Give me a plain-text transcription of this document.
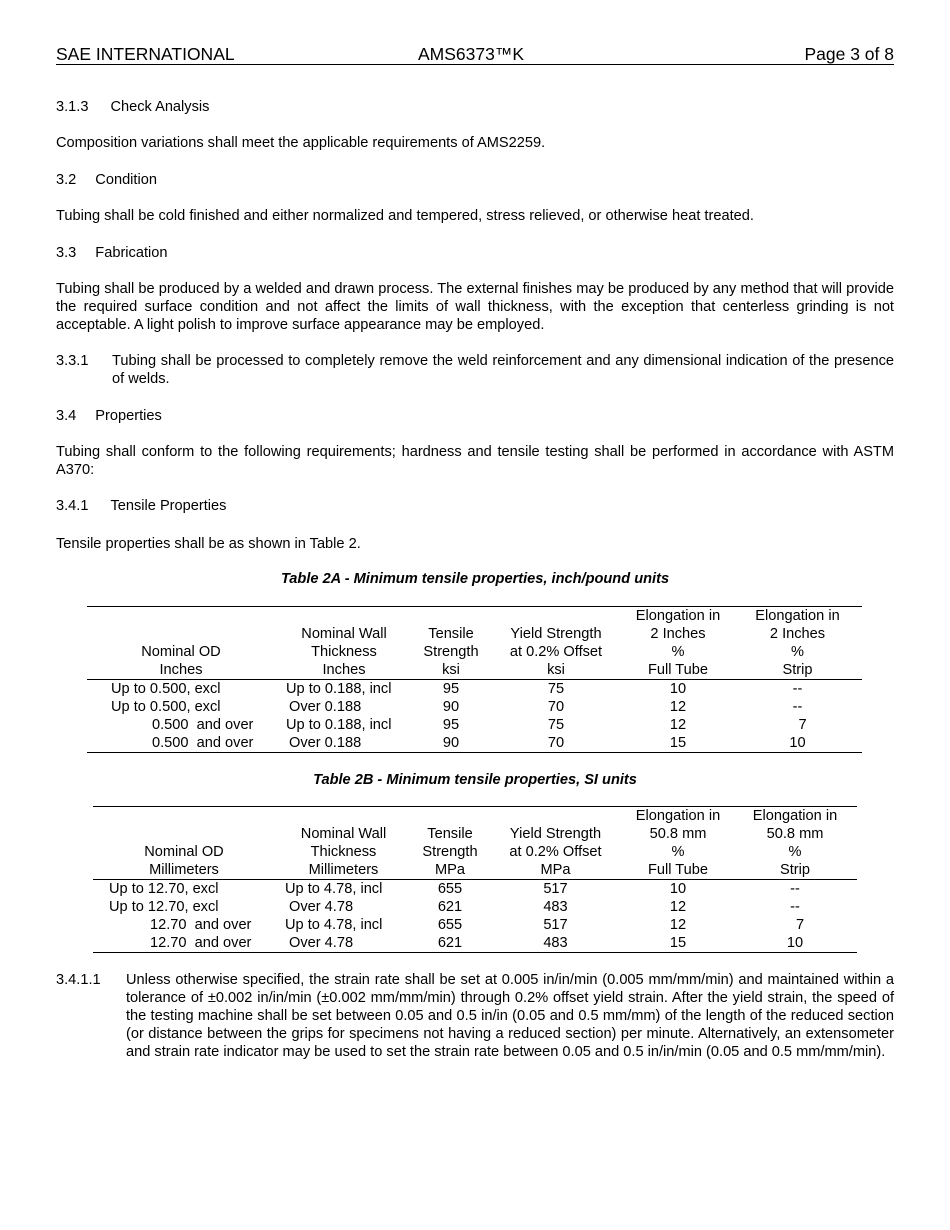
SAE INTERNATIONAL	AMS6373™K	Page 3 of 8
3.1.3 Check Analysis
Composition variations shall meet the applicable requirements of AMS2259.
3.2 Condition
Tubing shall be cold finished and either normalized and tempered, stress relieved, or otherwise heat treated.
3.3 Fabrication
Tubing shall be produced by a welded and drawn process. The external finishes may be produced by any method that will provide the required surface condition and not affect the limits of wall thickness, with the exception that centerless grinding is not acceptable. A light polish to improve surface appearance may be employed.
3.3.1 Tubing shall be processed to completely remove the weld reinforcement and any dimensional indication of the presence of welds.
3.4 Properties
Tubing shall conform to the following requirements; hardness and tensile testing shall be performed in accordance with ASTM A370:
3.4.1 Tensile Properties
Tensile properties shall be as shown in Table 2.
Table 2A - Minimum tensile properties, inch/pound units
				Elongation in	Elongation in
	Nominal Wall	Tensile	Yield Strength	2 Inches	2 Inches
Nominal OD	Thickness	Strength	at 0.2% Offset	%	%
Inches	Inches	ksi	ksi	Full Tube	Strip
Up to 0.500, excl	Up to 0.188, incl	95	75	10	--
Up to 0.500, excl	Over 0.188	90	70	12	--
0.500  and over	Up to 0.188, incl	95	75	12	7
0.500  and over	Over 0.188	90	70	15	10
Table 2B - Minimum tensile properties, SI units
				Elongation in	Elongation in
	Nominal Wall	Tensile	Yield Strength	50.8 mm	50.8 mm
Nominal OD	Thickness	Strength	at 0.2% Offset	%	%
Millimeters	Millimeters	MPa	MPa	Full Tube	Strip
Up to 12.70, excl	Up to 4.78, incl	655	517	10	--
Up to 12.70, excl	Over 4.78	621	483	12	--
12.70  and over	Up to 4.78, incl	655	517	12	7
12.70  and over	Over 4.78	621	483	15	10
3.4.1.1 Unless otherwise specified, the strain rate shall be set at 0.005 in/in/min (0.005 mm/mm/min) and maintained within a tolerance of ±0.002 in/in/min (±0.002 mm/mm/min) through 0.2% offset yield strain. After the yield strain, the speed of the testing machine shall be set between 0.05 and 0.5 in/in (0.05 and 0.5 mm/mm) of the length of the reduced section (or distance between the grips for specimens not having a reduced section) per minute. Alternatively, an extensometer and strain rate indicator may be used to set the strain rate between 0.05 and 0.5 in/in/min (0.05 and 0.5 mm/mm/min).
